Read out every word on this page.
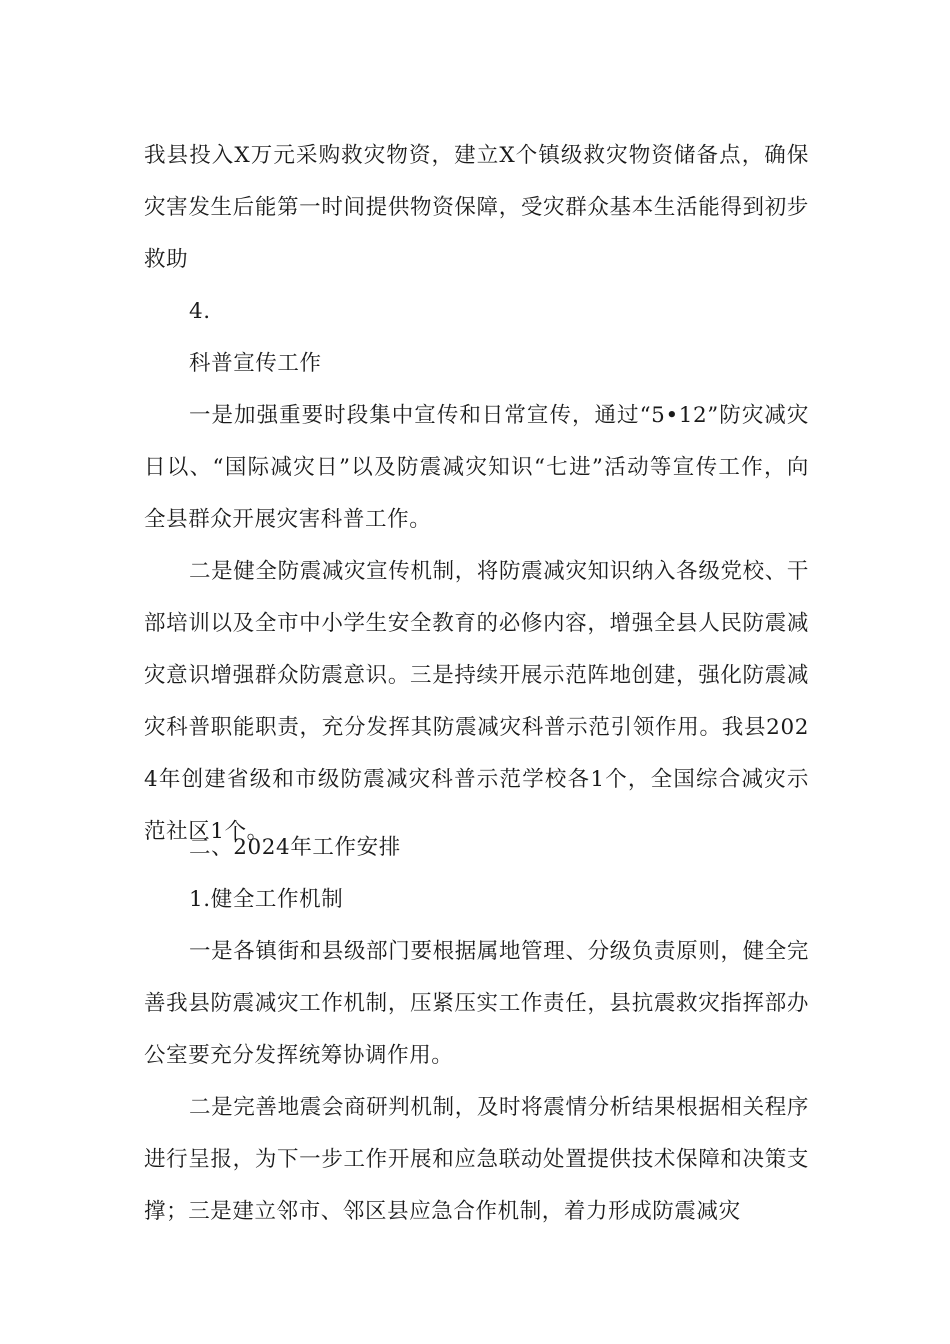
我县投入X万元采购救灾物资，建立X个镇级救灾物资储备点，确保灾害发生后能第一时间提供物资保障，受灾群众基本生活能得到初步救助

4.

科普宣传工作

一是加强重要时段集中宣传和日常宣传，通过“5•12”防灾减灾日以、“国际减灾日”以及防震减灾知识“七进”活动等宣传工作，向全县群众开展灾害科普工作。

二是健全防震减灾宣传机制，将防震减灾知识纳入各级党校、干部培训以及全市中小学生安全教育的必修内容，增强全县人民防震减灾意识增强群众防震意识。三是持续开展示范阵地创建，强化防震减灾科普职能职责，充分发挥其防震减灾科普示范引领作用。我县2024年创建省级和市级防震减灾科普示范学校各1个，全国综合减灾示范社区1个。

二、2024年工作安排

1.健全工作机制

一是各镇街和县级部门要根据属地管理、分级负责原则，健全完善我县防震减灾工作机制，压紧压实工作责任，县抗震救灾指挥部办公室要充分发挥统筹协调作用。

二是完善地震会商研判机制，及时将震情分析结果根据相关程序进行呈报，为下一步工作开展和应急联动处置提供技术保障和决策支撑；三是建立邻市、邻区县应急合作机制，着力形成防震减灾
